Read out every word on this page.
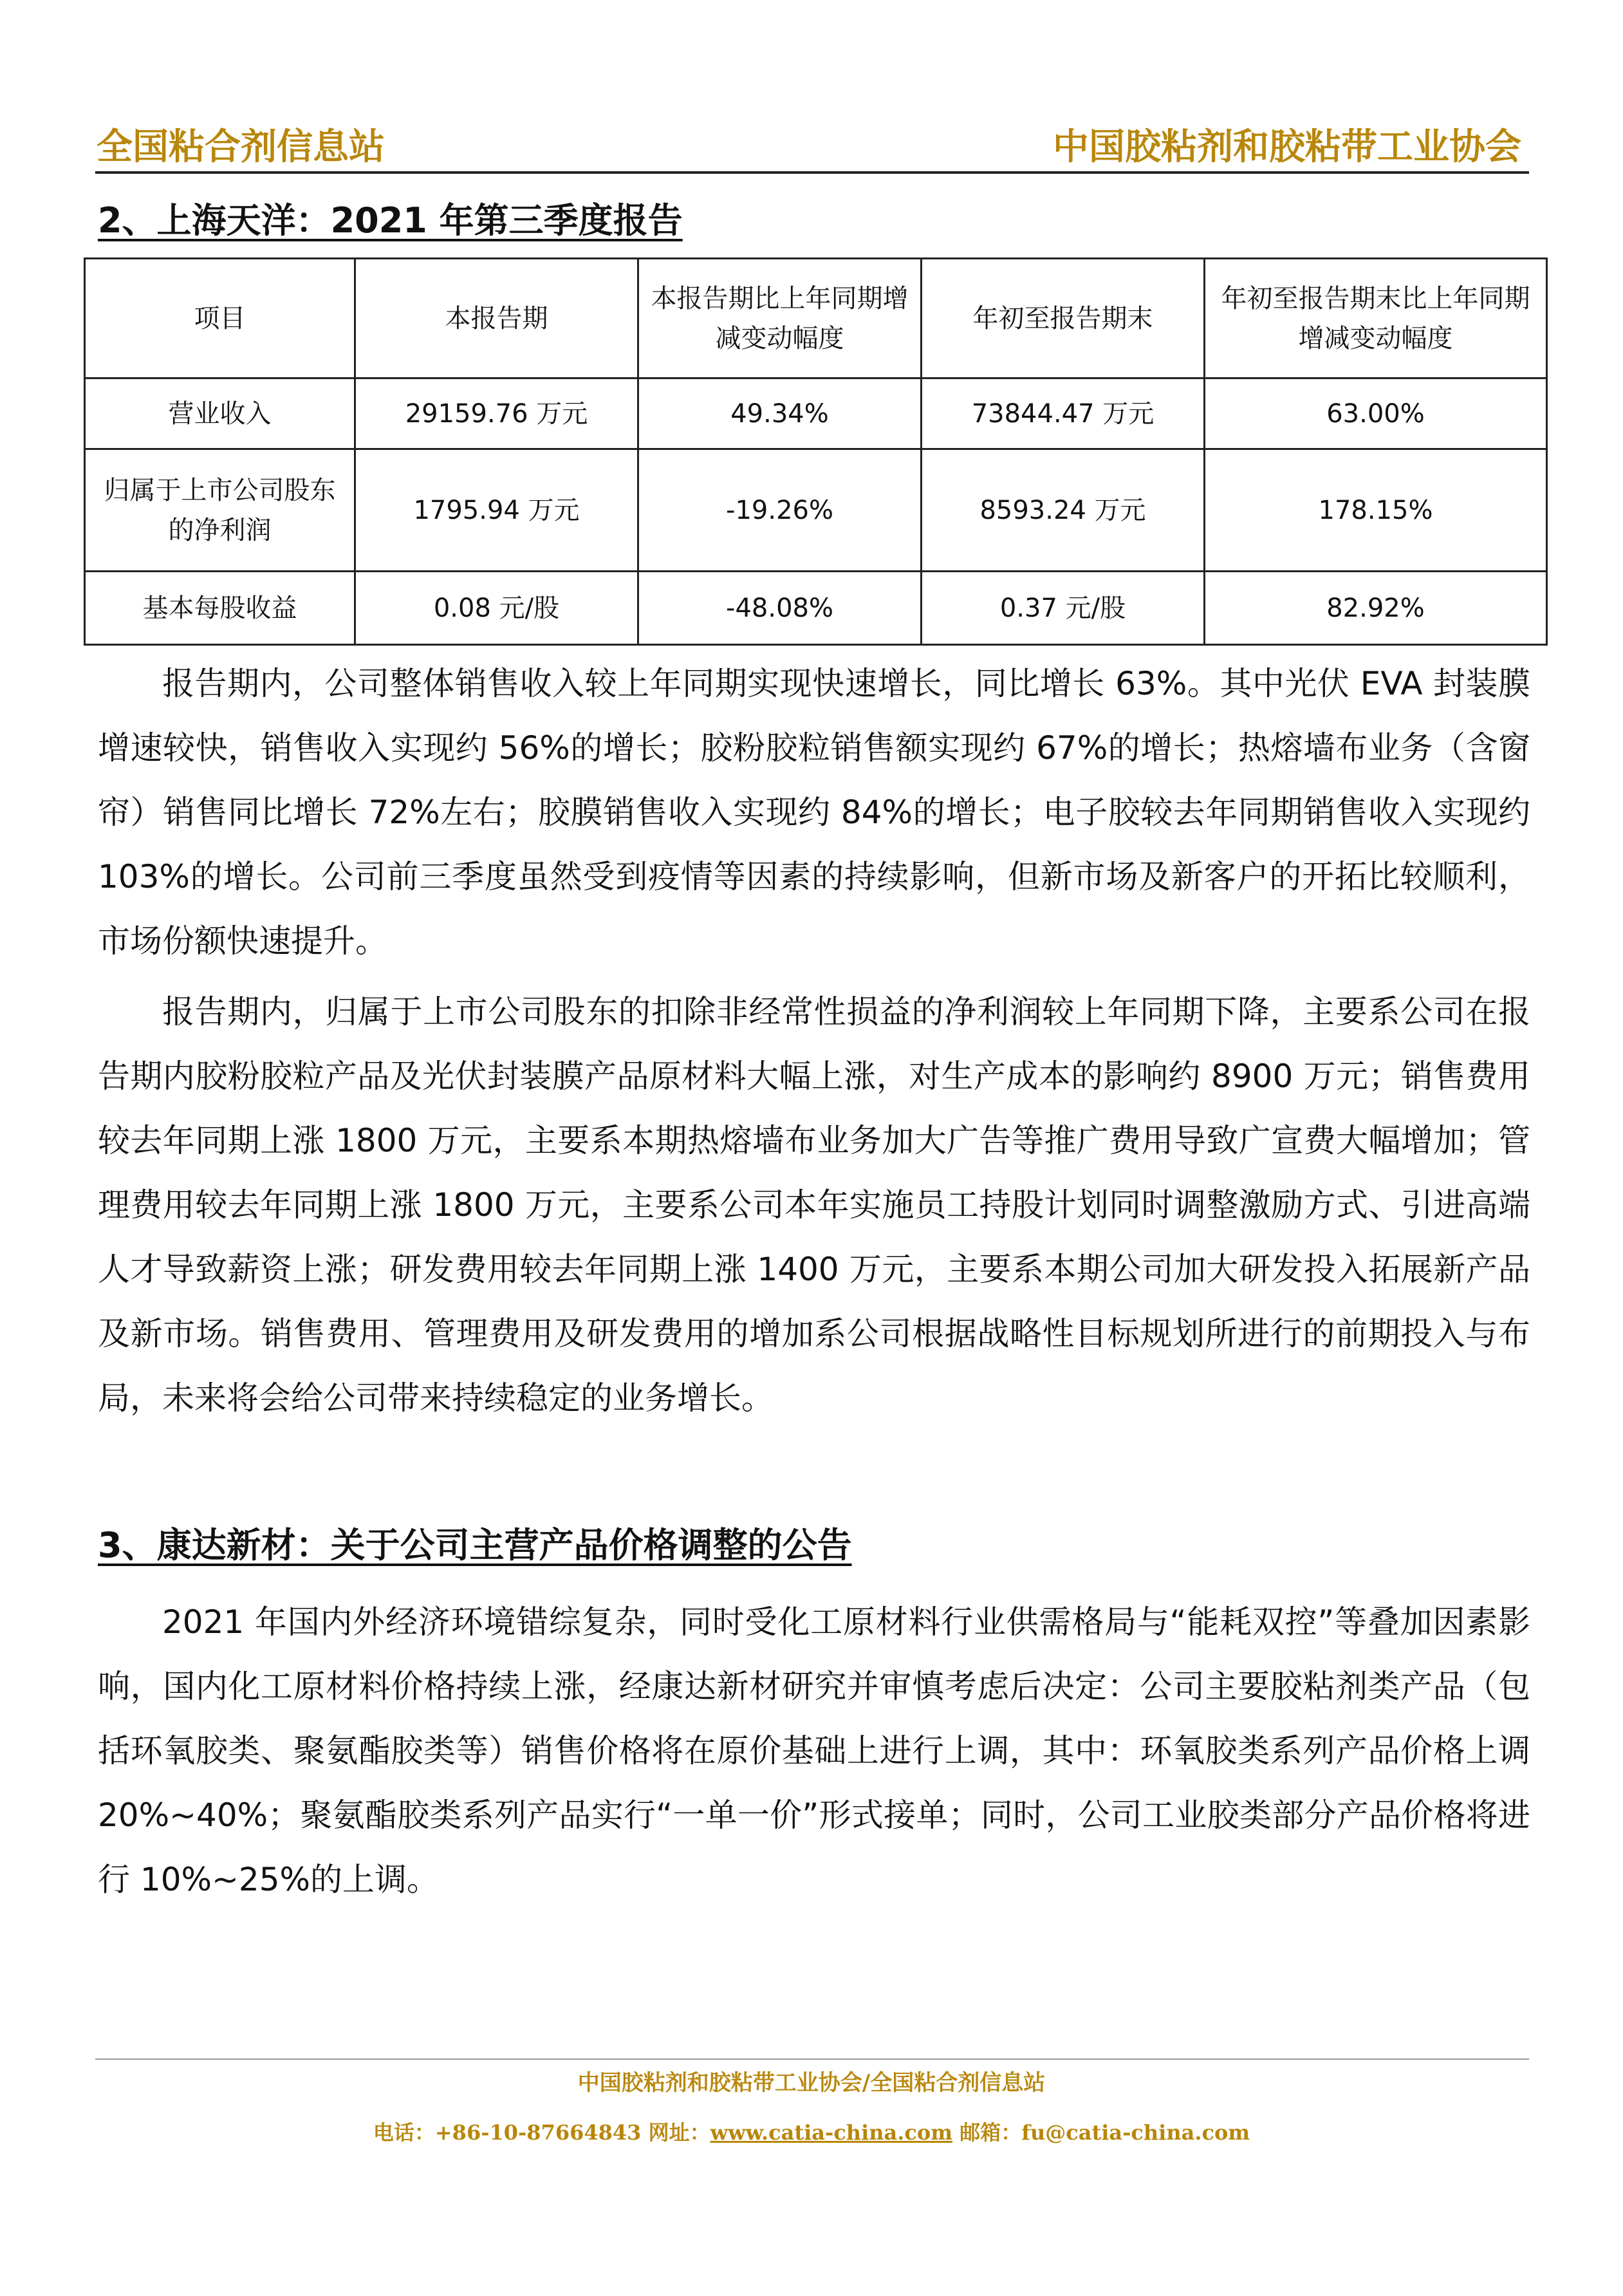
全国粘合剂信息站	中国胶粘剂和胶粘带工业协会
2、上海天洋：2021 年第三季度报告
项目	本报告期	本报告期比上年同期增减变动幅度	年初至报告期末	年初至报告期末比上年同期增减变动幅度
营业收入	29159.76 万元	49.34%	73844.47 万元	63.00%
归属于上市公司股东的净利润	1795.94 万元	-19.26%	8593.24 万元	178.15%
基本每股收益	0.08 元/股	-48.08%	0.37 元/股	82.92%

报告期内，公司整体销售收入较上年同期实现快速增长，同比增长 63%。其中光伏 EVA 封装膜增速较快，销售收入实现约 56%的增长；胶粉胶粒销售额实现约 67%的增长；热熔墙布业务（含窗帘）销售同比增长 72%左右；胶膜销售收入实现约 84%的增长；电子胶较去年同期销售收入实现约 103%的增长。公司前三季度虽然受到疫情等因素的持续影响，但新市场及新客户的开拓比较顺利，市场份额快速提升。

报告期内，归属于上市公司股东的扣除非经常性损益的净利润较上年同期下降，主要系公司在报告期内胶粉胶粒产品及光伏封装膜产品原材料大幅上涨，对生产成本的影响约 8900 万元；销售费用较去年同期上涨 1800 万元，主要系本期热熔墙布业务加大广告等推广费用导致广宣费大幅增加；管理费用较去年同期上涨 1800 万元，主要系公司本年实施员工持股计划同时调整激励方式、引进高端人才导致薪资上涨；研发费用较去年同期上涨 1400 万元，主要系本期公司加大研发投入拓展新产品及新市场。销售费用、管理费用及研发费用的增加系公司根据战略性目标规划所进行的前期投入与布局，未来将会给公司带来持续稳定的业务增长。

3、康达新材：关于公司主营产品价格调整的公告

2021 年国内外经济环境错综复杂，同时受化工原材料行业供需格局与“能耗双控”等叠加因素影响，国内化工原材料价格持续上涨，经康达新材研究并审慎考虑后决定：公司主要胶粘剂类产品（包括环氧胶类、聚氨酯胶类等）销售价格将在原价基础上进行上调，其中：环氧胶类系列产品价格上调 20%~40%；聚氨酯胶类系列产品实行“一单一价”形式接单；同时，公司工业胶类部分产品价格将进行 10%~25%的上调。

中国胶粘剂和胶粘带工业协会/全国粘合剂信息站
电话：+86-10-87664843 网址：www.catia-china.com 邮箱：fu@catia-china.com
